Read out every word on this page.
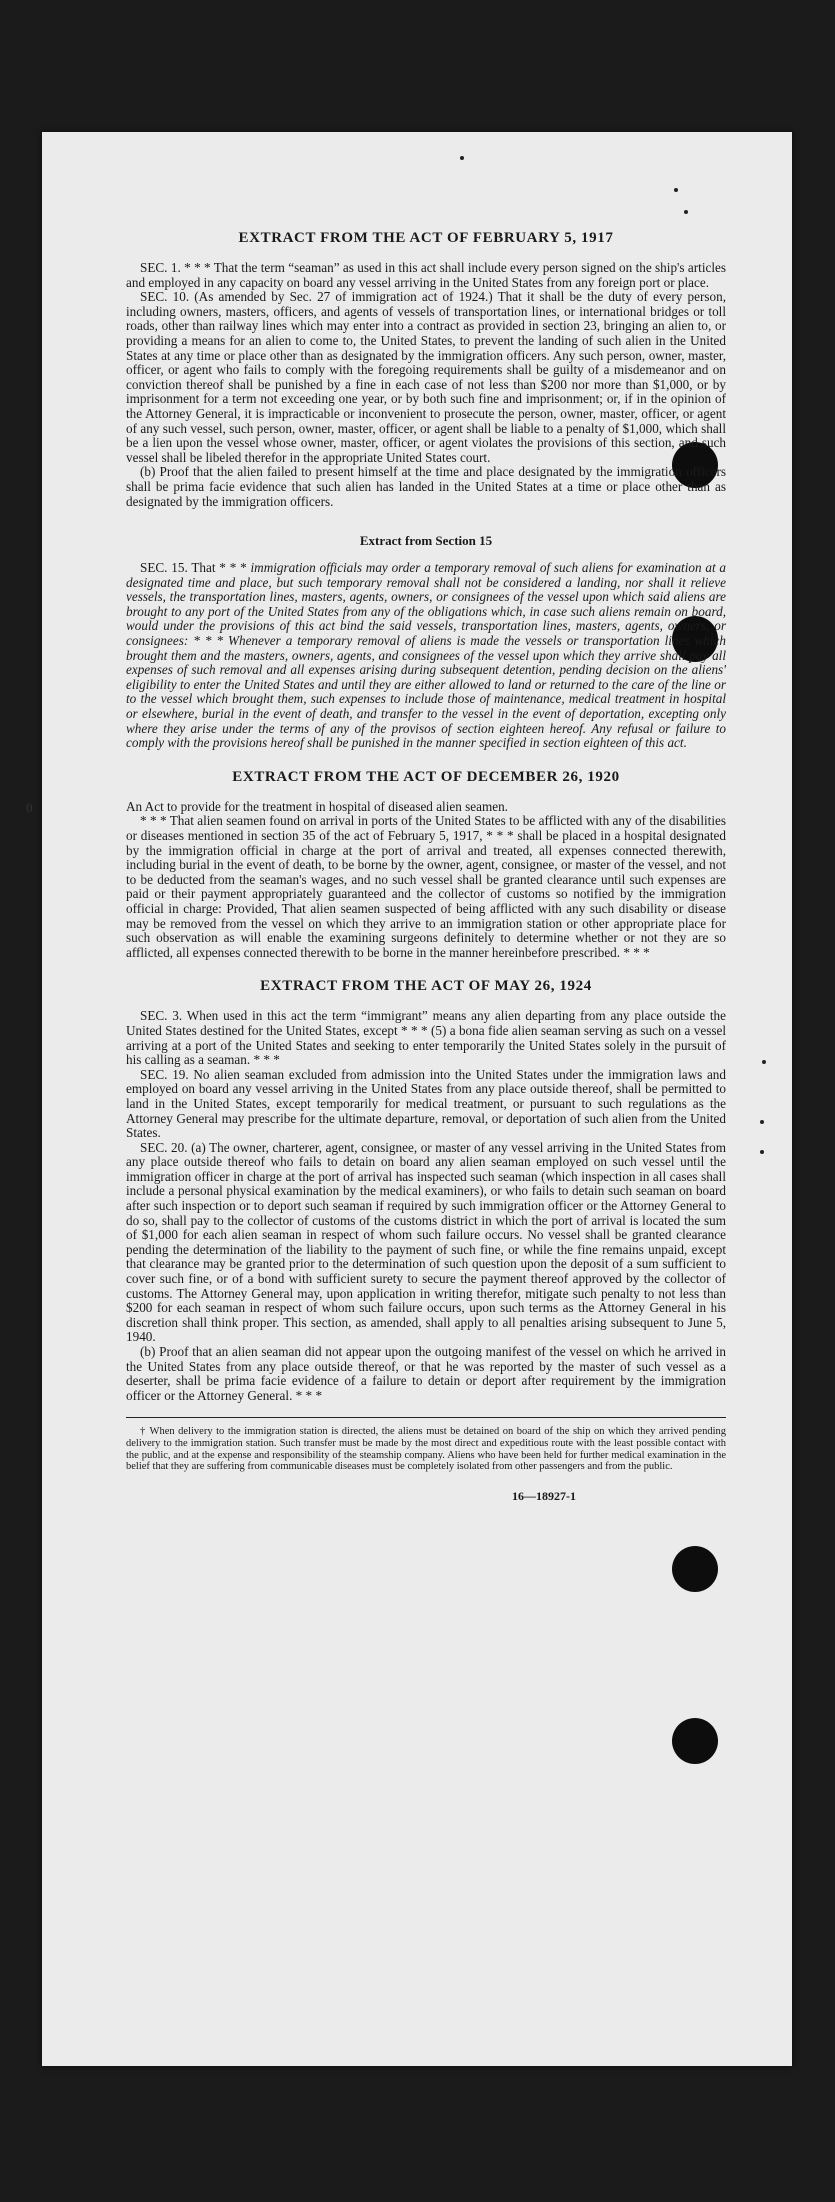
0
EXTRACT FROM THE ACT OF FEBRUARY 5, 1917

SEC. 1. * * * That the term “seaman” as used in this act shall include every person signed on the ship's articles and employed in any capacity on board any vessel arriving in the United States from any foreign port or place.

SEC. 10. (As amended by Sec. 27 of immigration act of 1924.) That it shall be the duty of every person, including owners, masters, officers, and agents of vessels of transportation lines, or international bridges or toll roads, other than railway lines which may enter into a contract as provided in section 23, bringing an alien to, or providing a means for an alien to come to, the United States, to prevent the landing of such alien in the United States at any time or place other than as designated by the immigration officers. Any such person, owner, master, officer, or agent who fails to comply with the foregoing requirements shall be guilty of a misdemeanor and on conviction thereof shall be punished by a fine in each case of not less than $200 nor more than $1,000, or by imprisonment for a term not exceeding one year, or by both such fine and imprisonment; or, if in the opinion of the Attorney General, it is impracticable or inconvenient to prosecute the person, owner, master, officer, or agent of any such vessel, such person, owner, master, officer, or agent shall be liable to a penalty of $1,000, which shall be a lien upon the vessel whose owner, master, officer, or agent violates the provisions of this section, and such vessel shall be libeled therefor in the appropriate United States court.

(b) Proof that the alien failed to present himself at the time and place designated by the immigration officers shall be prima facie evidence that such alien has landed in the United States at a time or place other than as designated by the immigration officers.

Extract from Section 15

SEC. 15. That * * * immigration officials may order a temporary removal of such aliens for examination at a designated time and place, but such temporary removal shall not be considered a landing, nor shall it relieve vessels, the transportation lines, masters, agents, owners, or consignees of the vessel upon which said aliens are brought to any port of the United States from any of the obligations which, in case such aliens remain on board, would under the provisions of this act bind the said vessels, transportation lines, masters, agents, owners, or consignees: * * * Whenever a temporary removal of aliens is made the vessels or transportation lines which brought them and the masters, owners, agents, and consignees of the vessel upon which they arrive shall pay all expenses of such removal and all expenses arising during subsequent detention, pending decision on the aliens' eligibility to enter the United States and until they are either allowed to land or returned to the care of the line or to the vessel which brought them, such expenses to include those of maintenance, medical treatment in hospital or elsewhere, burial in the event of death, and transfer to the vessel in the event of deportation, excepting only where they arise under the terms of any of the provisos of section eighteen hereof. Any refusal or failure to comply with the provisions hereof shall be punished in the manner specified in section eighteen of this act.

EXTRACT FROM THE ACT OF DECEMBER 26, 1920

An Act to provide for the treatment in hospital of diseased alien seamen.

* * * That alien seamen found on arrival in ports of the United States to be afflicted with any of the disabilities or diseases mentioned in section 35 of the act of February 5, 1917, * * * shall be placed in a hospital designated by the immigration official in charge at the port of arrival and treated, all expenses connected therewith, including burial in the event of death, to be borne by the owner, agent, consignee, or master of the vessel, and not to be deducted from the seaman's wages, and no such vessel shall be granted clearance until such expenses are paid or their payment appropriately guaranteed and the collector of customs so notified by the immigration official in charge: Provided, That alien seamen suspected of being afflicted with any such disability or disease may be removed from the vessel on which they arrive to an immigration station or other appropriate place for such observation as will enable the examining surgeons definitely to determine whether or not they are so afflicted, all expenses connected therewith to be borne in the manner hereinbefore prescribed. * * *

EXTRACT FROM THE ACT OF MAY 26, 1924

SEC. 3. When used in this act the term “immigrant” means any alien departing from any place outside the United States destined for the United States, except * * * (5) a bona fide alien seaman serving as such on a vessel arriving at a port of the United States and seeking to enter temporarily the United States solely in the pursuit of his calling as a seaman. * * *

SEC. 19. No alien seaman excluded from admission into the United States under the immigration laws and employed on board any vessel arriving in the United States from any place outside thereof, shall be permitted to land in the United States, except temporarily for medical treatment, or pursuant to such regulations as the Attorney General may prescribe for the ultimate departure, removal, or deportation of such alien from the United States.

SEC. 20. (a) The owner, charterer, agent, consignee, or master of any vessel arriving in the United States from any place outside thereof who fails to detain on board any alien seaman employed on such vessel until the immigration officer in charge at the port of arrival has inspected such seaman (which inspection in all cases shall include a personal physical examination by the medical examiners), or who fails to detain such seaman on board after such inspection or to deport such seaman if required by such immigration officer or the Attorney General to do so, shall pay to the collector of customs of the customs district in which the port of arrival is located the sum of $1,000 for each alien seaman in respect of whom such failure occurs. No vessel shall be granted clearance pending the determination of the liability to the payment of such fine, or while the fine remains unpaid, except that clearance may be granted prior to the determination of such question upon the deposit of a sum sufficient to cover such fine, or of a bond with sufficient surety to secure the payment thereof approved by the collector of customs. The Attorney General may, upon application in writing therefor, mitigate such penalty to not less than $200 for each seaman in respect of whom such failure occurs, upon such terms as the Attorney General in his discretion shall think proper. This section, as amended, shall apply to all penalties arising subsequent to June 5, 1940.

(b) Proof that an alien seaman did not appear upon the outgoing manifest of the vessel on which he arrived in the United States from any place outside thereof, or that he was reported by the master of such vessel as a deserter, shall be prima facie evidence of a failure to detain or deport after requirement by the immigration officer or the Attorney General. * * *

† When delivery to the immigration station is directed, the aliens must be detained on board of the ship on which they arrived pending delivery to the immigration station. Such transfer must be made by the most direct and expeditious route with the least possible contact with the public, and at the expense and responsibility of the steamship company. Aliens who have been held for further medical examination in the belief that they are suffering from communicable diseases must be completely isolated from other passengers and from the public.

16—18927-1
